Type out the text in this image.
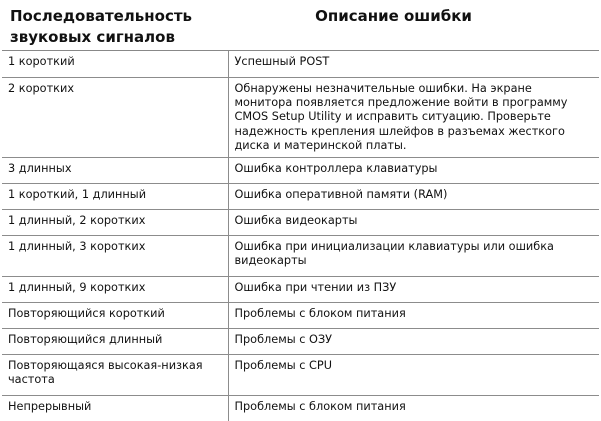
Последовательность звуковых сигналов	Описание ошибки
1 короткий	Успешный POST
2 коротких	Обнаружены незначительные ошибки. На экране монитора появляется предложение войти в программу CMOS Setup Utility и исправить ситуацию. Проверьте надежность крепления шлейфов в разъемах жесткого диска и материнской платы.
3 длинных	Ошибка контроллера клавиатуры
1 короткий, 1 длинный	Ошибка оперативной памяти (RAM)
1 длинный, 2 коротких	Ошибка видеокарты
1 длинный, 3 коротких	Ошибка при инициализации клавиатуры или ошибка видеокарты
1 длинный, 9 коротких	Ошибка при чтении из ПЗУ
Повторяющийся короткий	Проблемы с блоком питания
Повторяющийся длинный	Проблемы с ОЗУ
Повторяющаяся высокая-низкая частота	Проблемы с CPU
Непрерывный	Проблемы с блоком питания
